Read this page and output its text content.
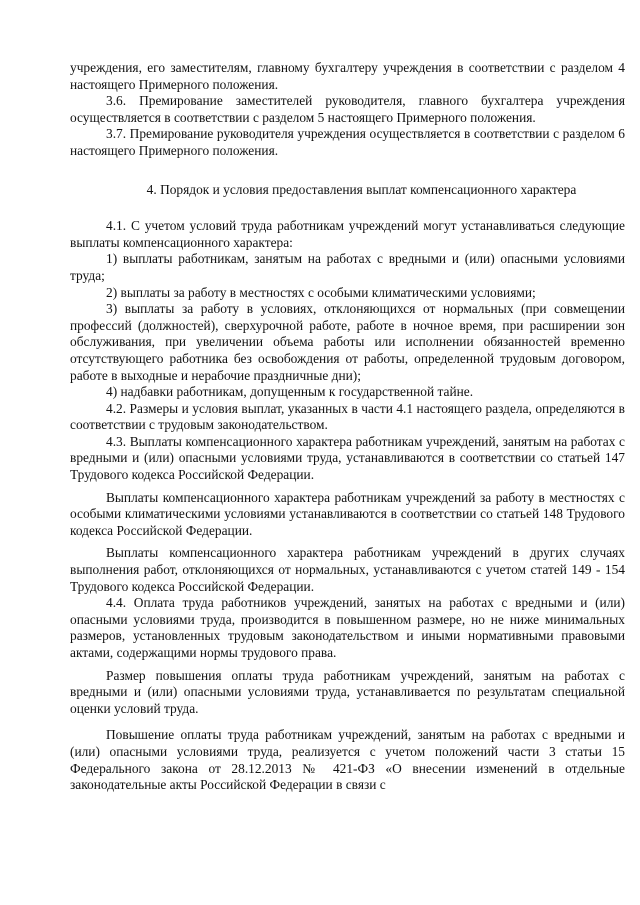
учреждения, его заместителям, главному бухгалтеру учреждения в соответствии с разделом 4 настоящего Примерного положения.

3.6. Премирование заместителей руководителя, главного бухгалтера учреждения осуществляется в соответствии с разделом 5 настоящего Примерного положения.

3.7. Премирование руководителя учреждения осуществляется в соответствии с разделом 6 настоящего Примерного положения.

4. Порядок и условия предоставления выплат компенсационного характера

4.1. С учетом условий труда работникам учреждений могут устанавливаться следующие выплаты компенсационного характера:

1) выплаты работникам, занятым на работах с вредными и (или) опасными условиями труда;

2) выплаты за работу в местностях с особыми климатическими условиями;

3) выплаты за работу в условиях, отклоняющихся от нормальных (при совмещении профессий (должностей), сверхурочной работе, работе в ночное время, при расширении зон обслуживания, при увеличении объема работы или исполнении обязанностей временно отсутствующего работника без освобождения от работы, определенной трудовым договором, работе в выходные и нерабочие праздничные дни);

4) надбавки работникам, допущенным к государственной тайне.

4.2. Размеры и условия выплат, указанных в части 4.1 настоящего раздела, определяются в соответствии с трудовым законодательством.

4.3. Выплаты компенсационного характера работникам учреждений, занятым на работах с вредными и (или) опасными условиями труда, устанавливаются в соответствии со статьей 147 Трудового кодекса Российской Федерации.

Выплаты компенсационного характера работникам учреждений за работу в местностях с особыми климатическими условиями устанавливаются в соответствии со статьей 148 Трудового кодекса Российской Федерации.

Выплаты компенсационного характера работникам учреждений в других случаях выполнения работ, отклоняющихся от нормальных, устанавливаются с учетом статей 149 - 154 Трудового кодекса Российской Федерации.

4.4. Оплата труда работников учреждений, занятых на работах с вредными и (или) опасными условиями труда, производится в повышенном размере, но не ниже минимальных размеров, установленных трудовым законодательством и иными нормативными правовыми актами, содержащими нормы трудового права.

Размер повышения оплаты труда работникам учреждений, занятым на работах с вредными и (или) опасными условиями труда, устанавливается по результатам специальной оценки условий труда.

Повышение оплаты труда работникам учреждений, занятым на работах с вредными и (или) опасными условиями труда, реализуется с учетом положений части 3 статьи 15 Федерального закона от 28.12.2013 № 421-ФЗ «О внесении изменений в отдельные законодательные акты Российской Федерации в связи с
